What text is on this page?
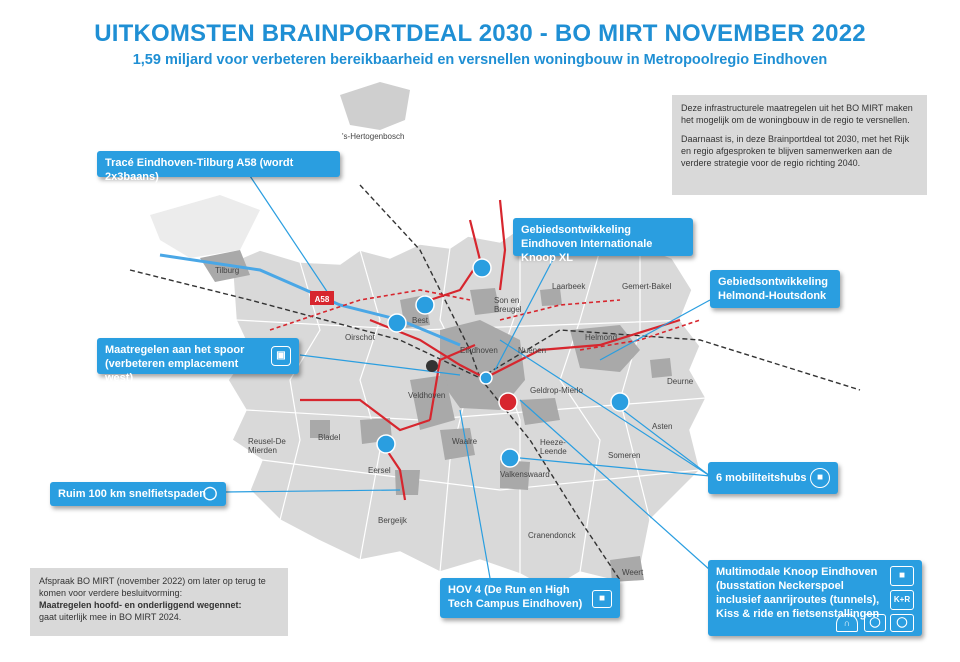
UITKOMSTEN BRAINPORTDEAL 2030 - BO MIRT NOVEMBER 2022
1,59 miljard voor verbeteren bereikbaarheid en versnellen woningbouw in Metropoolregio Eindhoven
A58
's-Hertogenbosch
Tilburg
Best
Son en Breugel
Laarbeek	Gemert-Bakel
Oirschot
Eindhoven	Nuenen
Helmond
Geldrop-Mierlo
Deurne
Veldhoven
Asten
Reusel-De Mierden
Bladel
Eersel
Waalre	Heeze-Leende	Someren
Valkenswaard
Bergeijk
Cranendonck
Weert

Deze infrastructurele maatregelen uit het BO MIRT maken het mogelijk om de woningbouw in de regio te versnellen.

Daarnaast is, in deze Brainportdeal tot 2030, met het Rijk en regio afgesproken te blijven samenwerken aan de verdere strategie voor de regio richting 2040.

Afspraak BO MIRT (november 2022) om later op terug te komen voor verdere besluitvorming:
Maatregelen hoofd- en onderliggend wegennet:
gaat uiterlijk mee in BO MIRT 2024.
Tracé Eindhoven-Tilburg A58 (wordt 2x3baans)
Maatregelen aan het spoor (verbeteren emplacement west)
▣
Ruim 100 km snelfietspaden
◯
Gebiedsontwikkeling Eindhoven Internationale Knoop XL
Gebiedsontwikkeling Helmond-Houtsdonk
6 mobiliteitshubs	■
HOV 4 (De Run en High Tech Campus Eindhoven)	■
Multimodale Knoop Eindhoven (busstation Neckerspoel inclusief aanrijroutes (tunnels), Kiss & ride en fietsenstallingen
■
K+R
∩	◯	◯
